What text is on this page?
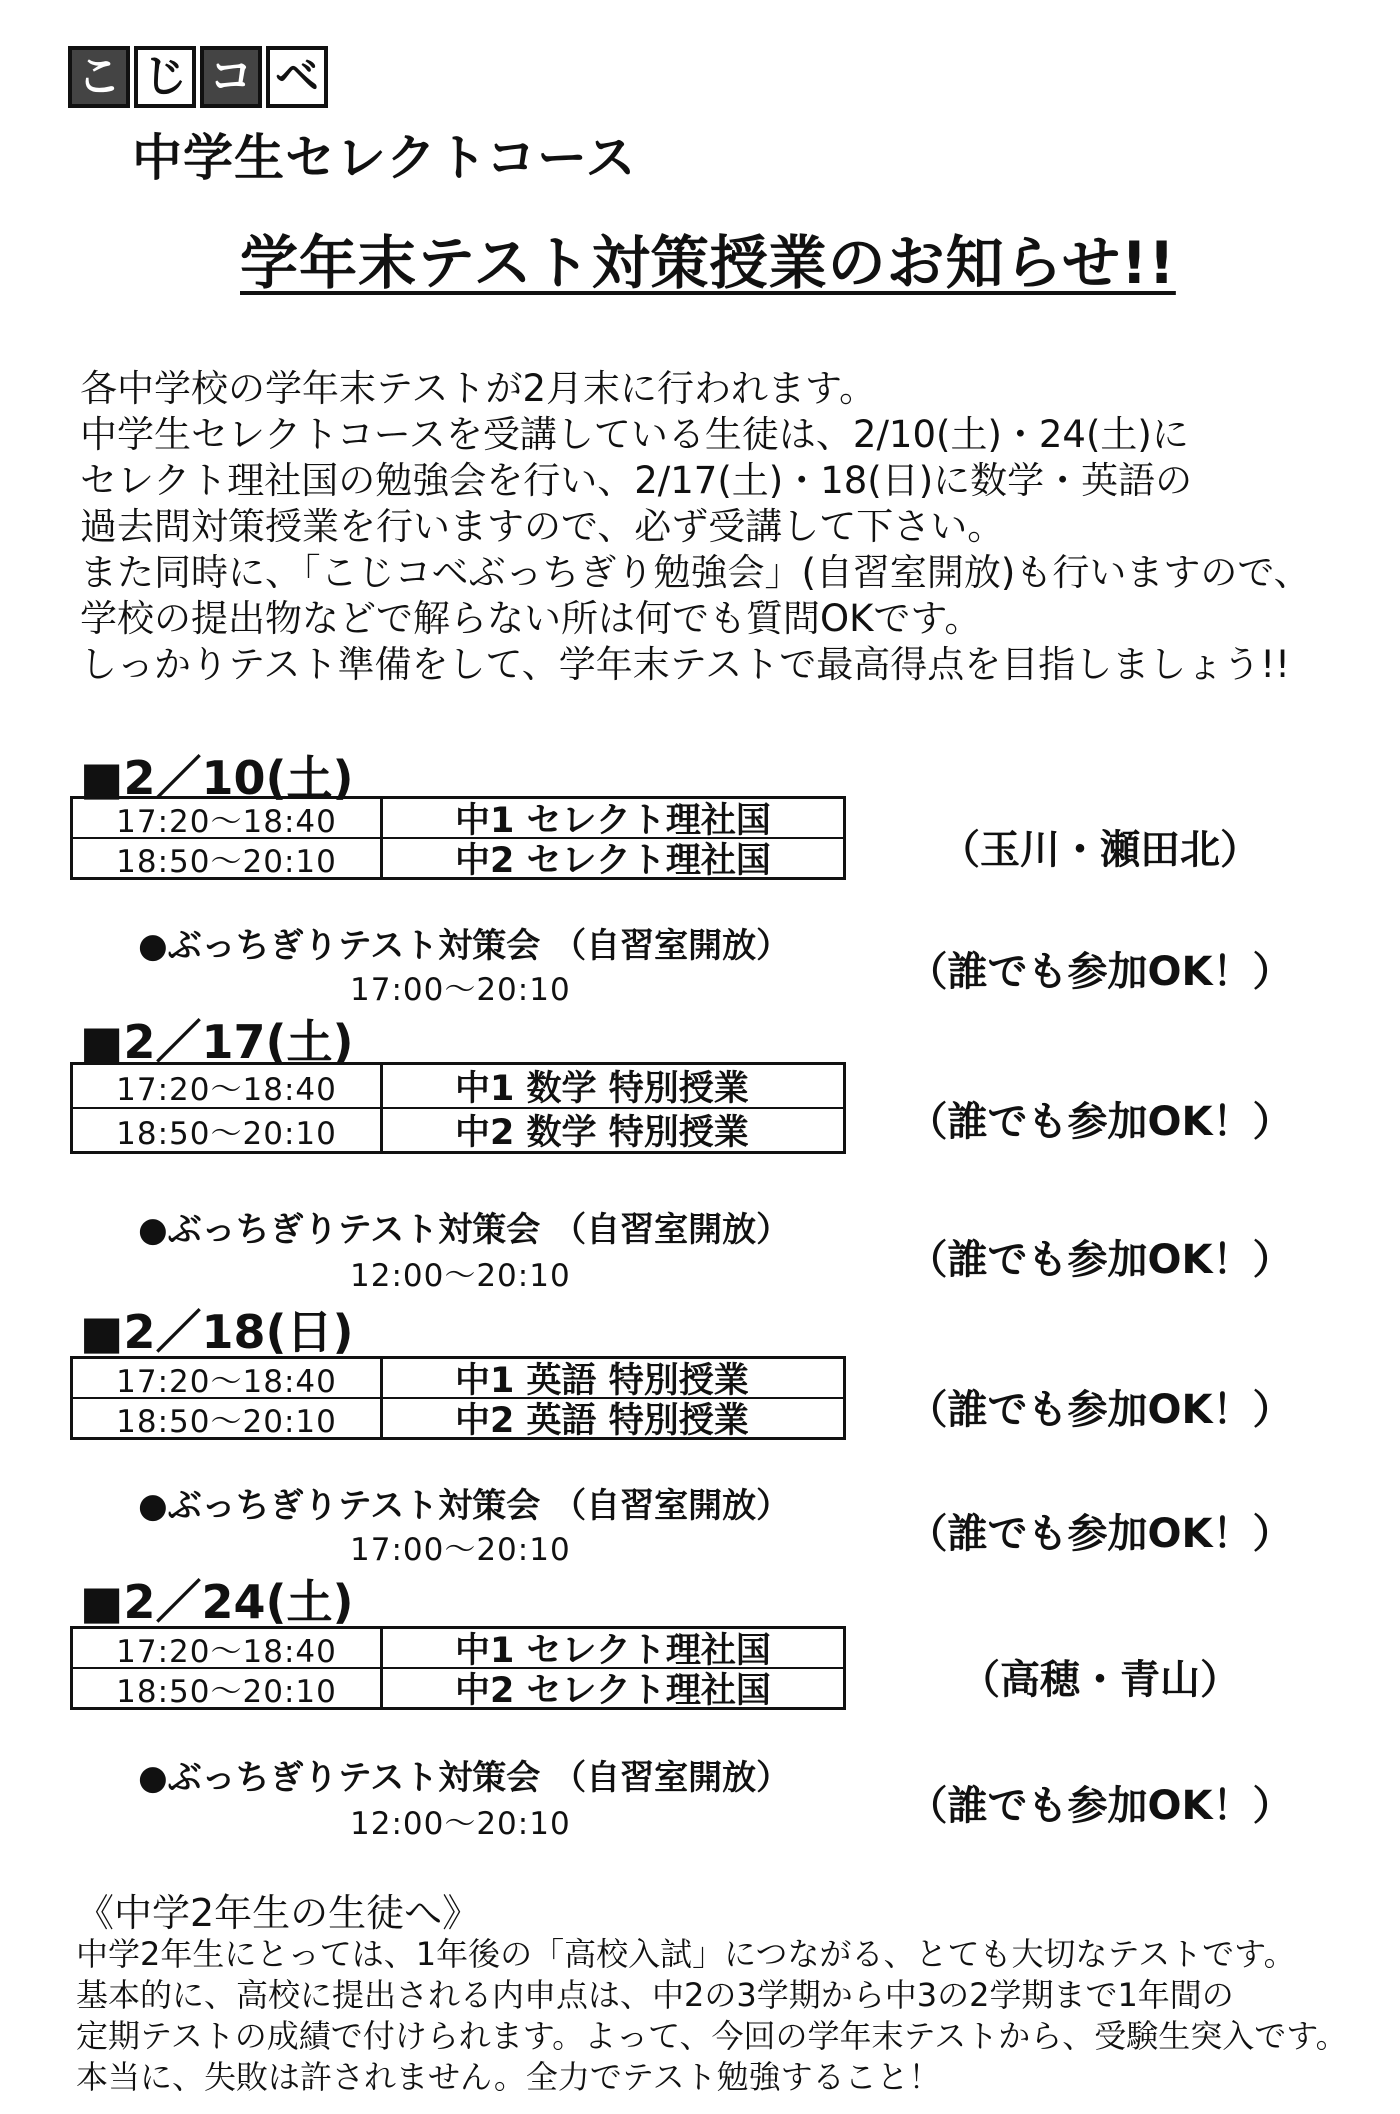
こ じ コ ベ
中学生セレクトコース
学年末テスト対策授業のお知らせ!!
各中学校の学年末テストが2月末に行われます。
中学生セレクトコースを受講している生徒は、2/10(土)・24(土)に
セレクト理社国の勉強会を行い、2/17(土)・18(日)に数学・英語の
過去問対策授業を行いますので、必ず受講して下さい。
また同時に、「こじコベぶっちぎり勉強会」(自習室開放)も行いますので、
学校の提出物などで解らない所は何でも質問OKです。
しっかりテスト準備をして、学年末テストで最高得点を目指しましょう!!
■2／10(土)
17:20〜18:40	中1 セレクト理社国
18:50〜20:10	中2 セレクト理社国	（玉川・瀬田北）
●ぶっちぎりテスト対策会 （自習室開放）
17:00〜20:10	（誰でも参加OK！）
■2／17(土)
17:20〜18:40	中1 数学 特別授業
18:50〜20:10	中2 数学 特別授業	（誰でも参加OK！）
●ぶっちぎりテスト対策会 （自習室開放）
12:00〜20:10	（誰でも参加OK！）
■2／18(日)
17:20〜18:40	中1 英語 特別授業
18:50〜20:10	中2 英語 特別授業	（誰でも参加OK！）
●ぶっちぎりテスト対策会 （自習室開放）
17:00〜20:10	（誰でも参加OK！）
■2／24(土)
17:20〜18:40	中1 セレクト理社国
18:50〜20:10	中2 セレクト理社国	（高穂・青山）
●ぶっちぎりテスト対策会 （自習室開放）
12:00〜20:10	（誰でも参加OK！）
《中学2年生の生徒へ》
中学2年生にとっては、1年後の「高校入試」につながる、とても大切なテストです。
基本的に、高校に提出される内申点は、中2の3学期から中3の2学期まで1年間の
定期テストの成績で付けられます。よって、今回の学年末テストから、受験生突入です。
本当に、失敗は許されません。全力でテスト勉強すること！
